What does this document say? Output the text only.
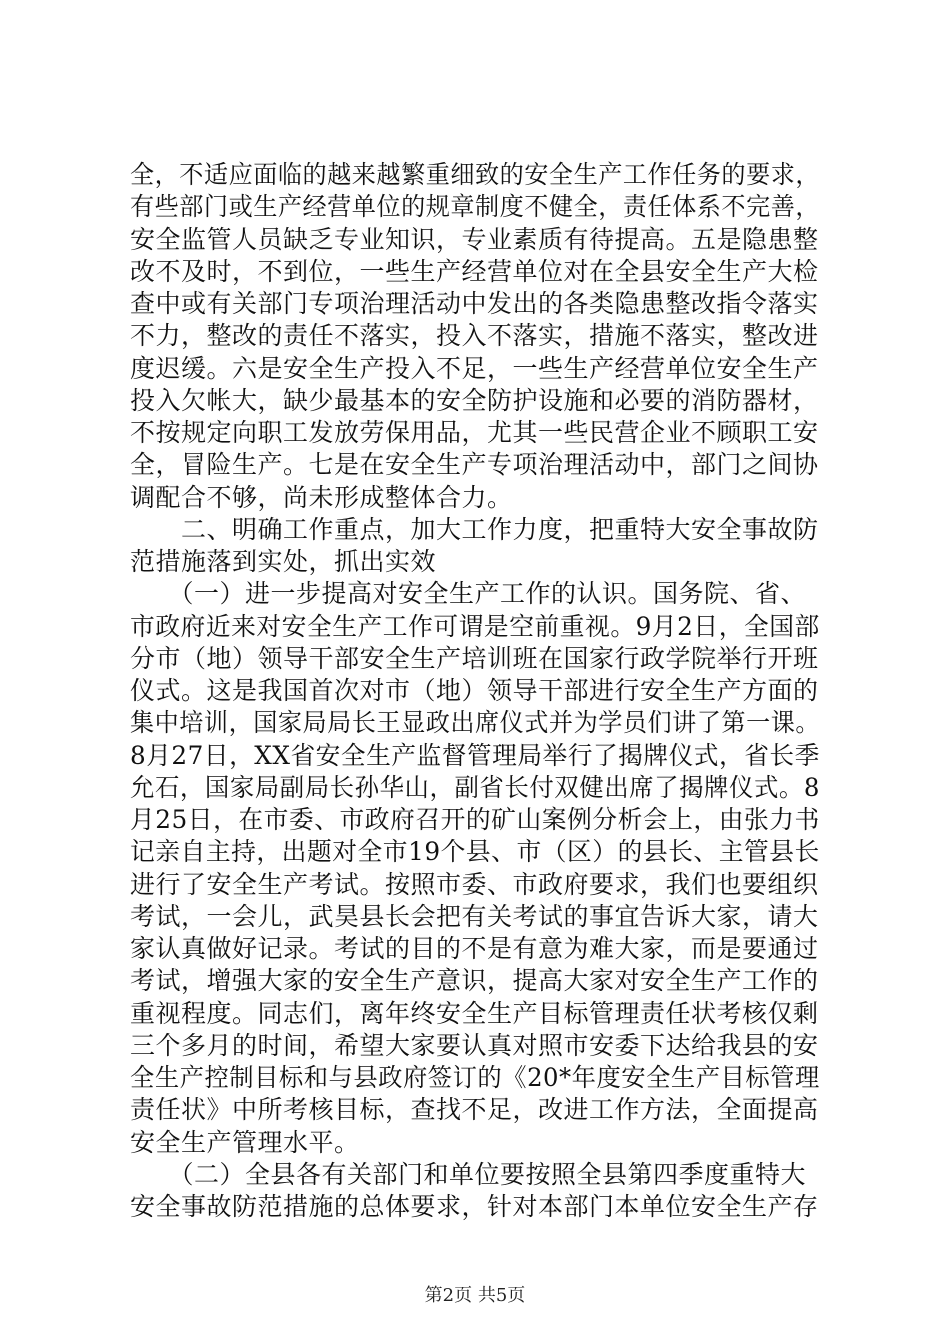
全，不适应面临的越来越繁重细致的安全生产工作任务的要求，
有些部门或生产经营单位的规章制度不健全，责任体系不完善，
安全监管人员缺乏专业知识，专业素质有待提高。五是隐患整
改不及时，不到位，一些生产经营单位对在全县安全生产大检
查中或有关部门专项治理活动中发出的各类隐患整改指令落实
不力，整改的责任不落实，投入不落实，措施不落实，整改进
度迟缓。六是安全生产投入不足，一些生产经营单位安全生产
投入欠帐大，缺少最基本的安全防护设施和必要的消防器材，
不按规定向职工发放劳保用品，尤其一些民营企业不顾职工安
全，冒险生产。七是在安全生产专项治理活动中，部门之间协
调配合不够，尚未形成整体合力。
　　二、明确工作重点，加大工作力度，把重特大安全事故防
范措施落到实处，抓出实效
　　（一）进一步提高对安全生产工作的认识。国务院、省、
市政府近来对安全生产工作可谓是空前重视。9月2日，全国部
分市（地）领导干部安全生产培训班在国家行政学院举行开班
仪式。这是我国首次对市（地）领导干部进行安全生产方面的
集中培训，国家局局长王显政出席仪式并为学员们讲了第一课。
8月27日，XX省安全生产监督管理局举行了揭牌仪式，省长季
允石，国家局副局长孙华山，副省长付双健出席了揭牌仪式。8
月25日，在市委、市政府召开的矿山案例分析会上，由张力书
记亲自主持，出题对全市19个县、市（区）的县长、主管县长
进行了安全生产考试。按照市委、市政府要求，我们也要组织
考试，一会儿，武昊县长会把有关考试的事宜告诉大家，请大
家认真做好记录。考试的目的不是有意为难大家，而是要通过
考试，增强大家的安全生产意识，提高大家对安全生产工作的
重视程度。同志们，离年终安全生产目标管理责任状考核仅剩
三个多月的时间，希望大家要认真对照市安委下达给我县的安
全生产控制目标和与县政府签订的《20*年度安全生产目标管理
责任状》中所考核目标，查找不足，改进工作方法，全面提高
安全生产管理水平。
　　（二）全县各有关部门和单位要按照全县第四季度重特大
安全事故防范措施的总体要求，针对本部门本单位安全生产存
第2页 共5页
